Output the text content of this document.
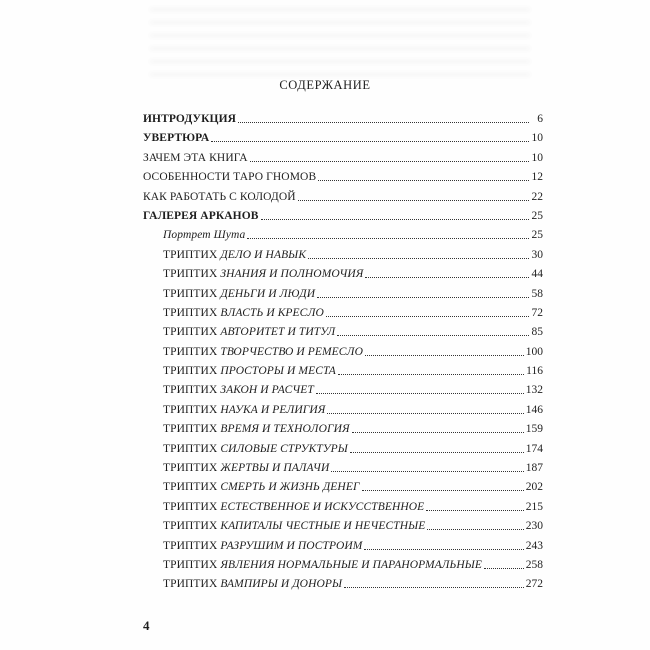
СОДЕРЖАНИЕ
ИНТРОДУКЦИЯ	6
УВЕРТЮРА	10
ЗАЧЕМ ЭТА КНИГА	10
ОСОБЕННОСТИ ТАРО ГНОМОВ	12
КАК РАБОТАТЬ С КОЛОДОЙ	22
ГАЛЕРЕЯ АРКАНОВ	25
Портрет Шута	25
ТРИПТИХ ДЕЛО И НАВЫК	30
ТРИПТИХ ЗНАНИЯ И ПОЛНОМОЧИЯ	44
ТРИПТИХ ДЕНЬГИ И ЛЮДИ	58
ТРИПТИХ ВЛАСТЬ И КРЕСЛО	72
ТРИПТИХ АВТОРИТЕТ И ТИТУЛ	85
ТРИПТИХ ТВОРЧЕСТВО И РЕМЕСЛО	100
ТРИПТИХ ПРОСТОРЫ И МЕСТА	116
ТРИПТИХ ЗАКОН И РАСЧЕТ	132
ТРИПТИХ НАУКА И РЕЛИГИЯ	146
ТРИПТИХ ВРЕМЯ И ТЕХНОЛОГИЯ	159
ТРИПТИХ СИЛОВЫЕ СТРУКТУРЫ	174
ТРИПТИХ ЖЕРТВЫ И ПАЛАЧИ	187
ТРИПТИХ СМЕРТЬ И ЖИЗНЬ ДЕНЕГ	202
ТРИПТИХ ЕСТЕСТВЕННОЕ И ИСКУССТВЕННОЕ	215
ТРИПТИХ КАПИТАЛЫ ЧЕСТНЫЕ И НЕЧЕСТНЫЕ	230
ТРИПТИХ РАЗРУШИМ И ПОСТРОИМ	243
ТРИПТИХ ЯВЛЕНИЯ НОРМАЛЬНЫЕ И ПАРАНОРМАЛЬНЫЕ	258
ТРИПТИХ ВАМПИРЫ И ДОНОРЫ	272
4
